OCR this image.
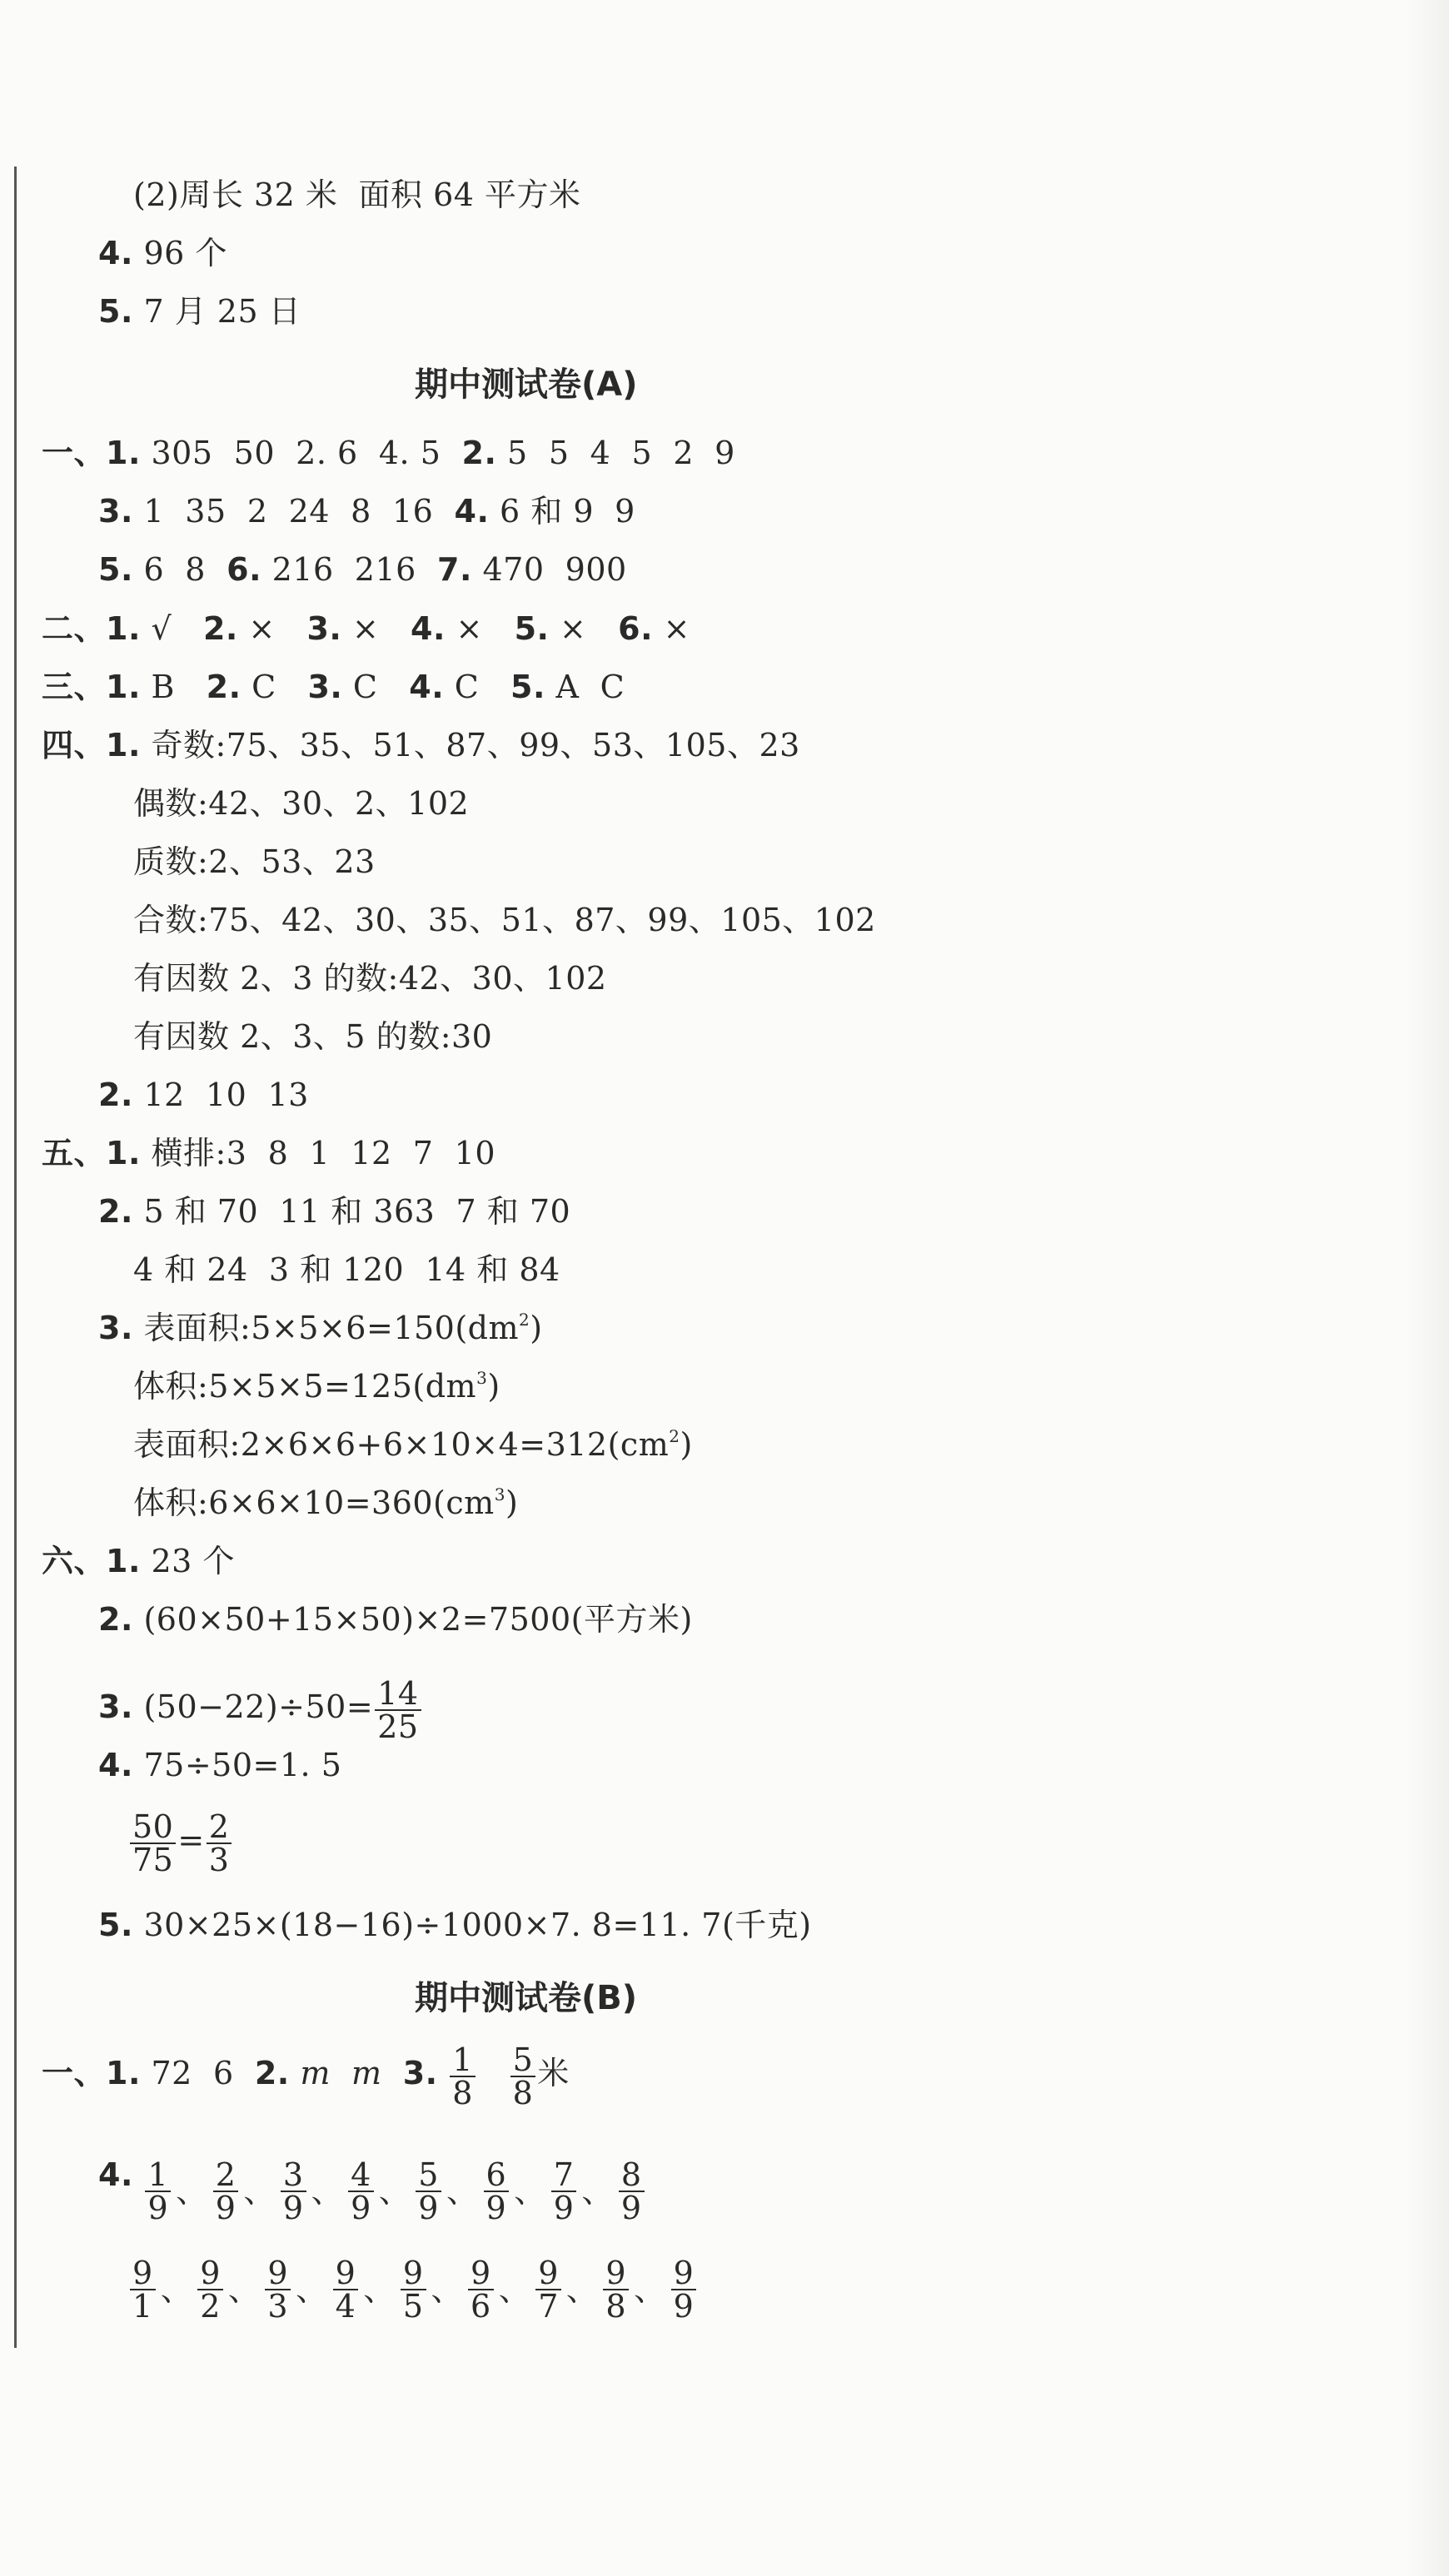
(2)周长 32 米  面积 64 平方米
4. 96 个
5. 7 月 25 日
期中测试卷(A)
一、1. 305  50  2. 6  4. 5  2. 5  5  4  5  2  9
3. 1  35  2  24  8  16  4. 6 和 9  9
5. 6  8  6. 216  216  7. 470  900
二、1. √   2. ×   3. ×   4. ×   5. ×   6. ×
三、1. B   2. C   3. C   4. C   5. A  C
四、1. 奇数:75、35、51、87、99、53、105、23
偶数:42、30、2、102
质数:2、53、23
合数:75、42、30、35、51、87、99、105、102
有因数 2、3 的数:42、30、102
有因数 2、3、5 的数:30
2. 12  10  13
五、1. 横排:3  8  1  12  7  10
2. 5 和 70  11 和 363  7 和 70
4 和 24  3 和 120  14 和 84
3. 表面积$:5\times 5\times 6=150(dm^2)$
体积$:5\times 5\times 5=125(dm^3)$
表面积$:2\times 6\times 6+6\times 10\times 4=312(cm^2)$
体积$:6\times 6\times 10=360(cm^3)$
六、1. 23 个
2. (60×50+15×50)×2=7500(平方米)
3. $(50-22)\div 50= \frac{14}{25}$
4. 75÷50=1. 5
$\frac{50}{75} = \frac{2}{3}$
5. 30×25×(18−16)÷1000×7. 8=11. 7(千克)
期中测试卷(B)
一、1. 72  6  2. m  m  3. $\frac{1}{8}$
$\frac{5}{8}$ 米
4. $\frac{1}{9}$ 、 $\frac{2}{9}$ 、 $\frac{3}{9}$ 、 $\frac{4}{9}$ 、 $\frac{5}{9}$ 、 $\frac{6}{9}$ 、 $\frac{7}{9}$ 、 $\frac{8}{9}$
$\frac{9}{1}$ 、 $\frac{9}{2}$ 、 $\frac{9}{3}$ 、 $\frac{9}{4}$ 、 $\frac{9}{5}$ 、 $\frac{9}{6}$ 、 $\frac{9}{7}$ 、 $\frac{9}{8}$ 、 $\frac{9}{9}$
